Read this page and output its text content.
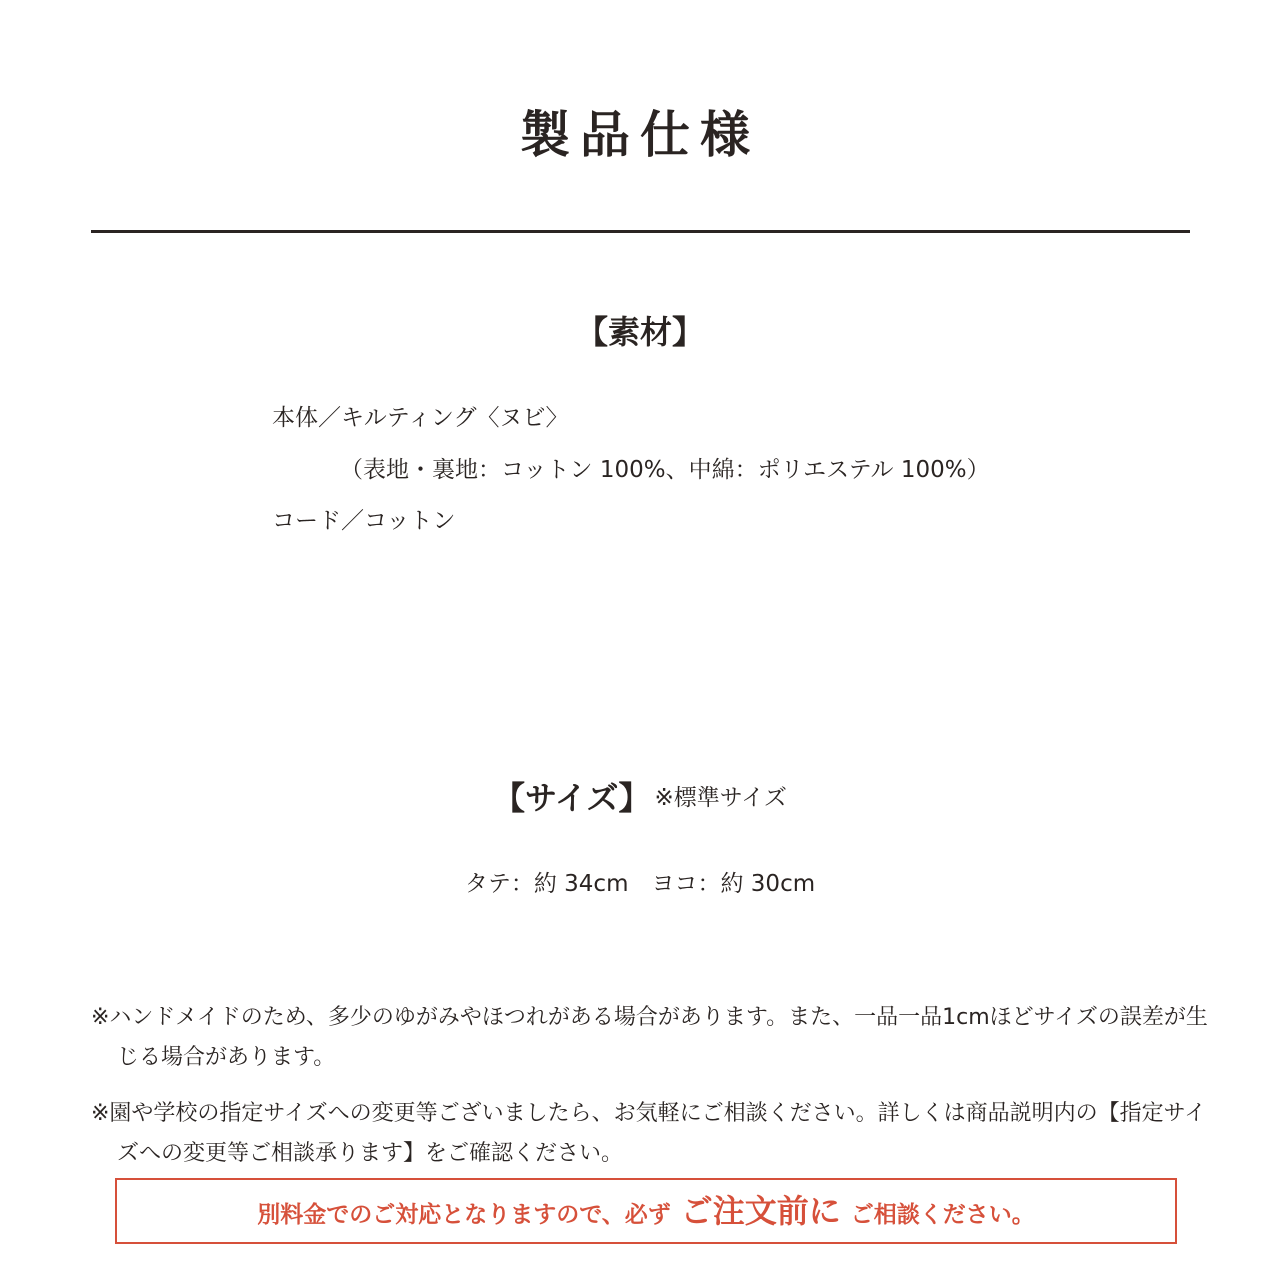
製品仕様
【素材】
本体／キルティング〈ヌビ〉
（表地・裏地：コットン 100%、中綿：ポリエステル 100%）
コード／コットン
【サイズ】 $^{※標準サイズ}$
タテ：約 34cm　ヨコ：約 30cm
※ハンドメイドのため、多少のゆがみやほつれがある場合があります。また、一品一品1cmほどサイズの誤差が生じる場合があります。
※園や学校の指定サイズへの変更等ございましたら、お気軽にご相談ください。詳しくは商品説明内の【指定サイズへの変更等ご相談承ります】をご確認ください。
別料金でのご対応となりますので、必ず ご注文前に ご相談ください。
